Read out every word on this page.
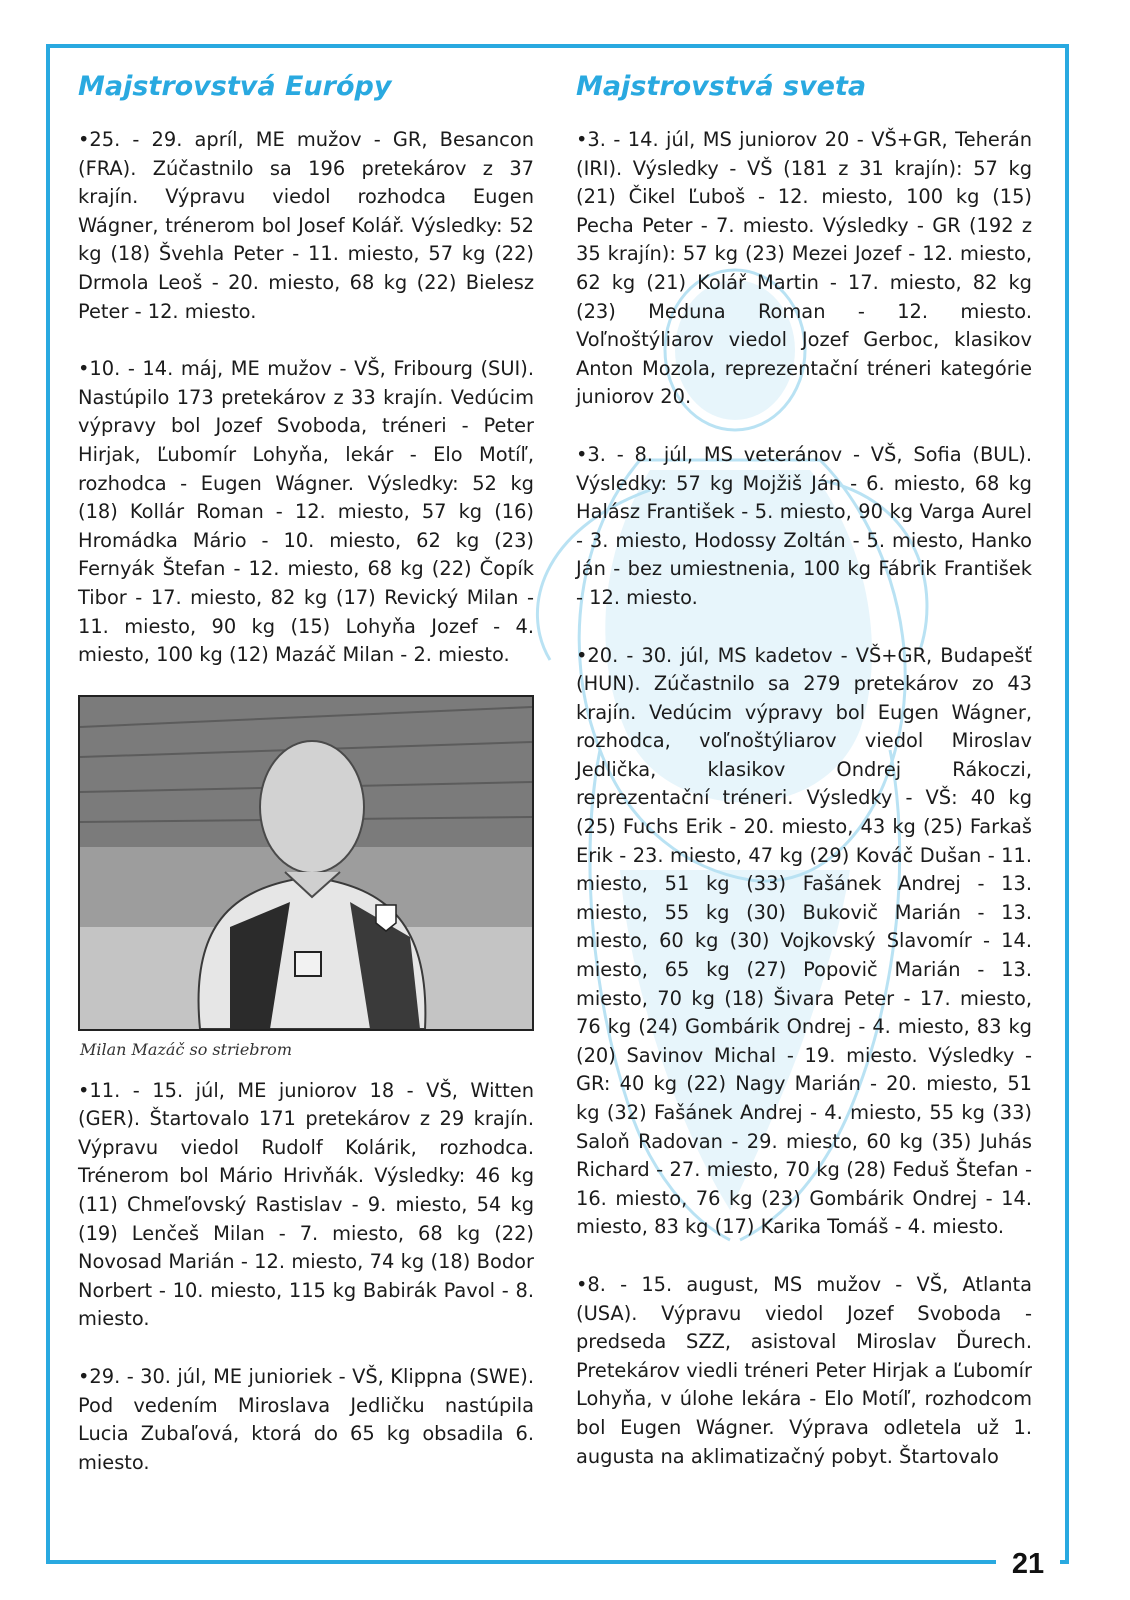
Majstrovstvá Európy

•25. - 29. apríl, ME mužov - GR, Besancon (FRA). Zúčastnilo sa 196 pretekárov z 37 krajín. Výpravu viedol rozhodca Eugen Wágner, trénerom bol Josef Kolář. Výsledky: 52 kg (18) Švehla Peter - 11. miesto, 57 kg (22) Drmola Leoš - 20. miesto, 68 kg (22) Bielesz Peter - 12. miesto.

•10. - 14. máj, ME mužov - VŠ, Fribourg (SUI). Nastúpilo 173 pretekárov z 33 krajín. Vedúcim výpravy bol Jozef Svoboda, tréneri - Peter Hirjak, Ľubomír Lohyňa, lekár - Elo Motíľ, rozhodca - Eugen Wágner. Výsledky: 52 kg (18) Kollár Roman - 12. miesto, 57 kg (16) Hromádka Mário - 10. miesto, 62 kg (23) Fernyák Štefan - 12. miesto, 68 kg (22) Čopík Tibor - 17. miesto, 82 kg (17) Revický Milan - 11. miesto, 90 kg (15) Lohyňa Jozef - 4. miesto, 100 kg (12) Mazáč Milan - 2. miesto.

Milan Mazáč so striebrom

•11. - 15. júl, ME juniorov 18 - VŠ, Witten (GER). Štartovalo 171 pretekárov z 29 krajín. Výpravu viedol Rudolf Kolárik, rozhodca. Trénerom bol Mário Hrivňák. Výsledky: 46 kg (11) Chmeľovský Rastislav - 9. miesto, 54 kg (19) Lenčeš Milan - 7. miesto, 68 kg (22) Novosad Marián - 12. miesto, 74 kg (18) Bodor Norbert - 10. miesto, 115 kg Babirák Pavol - 8. miesto.

•29. - 30. júl, ME junioriek - VŠ, Klippna (SWE). Pod vedením Miroslava Jedličku nastúpila Lucia Zubaľová, ktorá do 65 kg obsadila 6. miesto.

Majstrovstvá sveta

•3. - 14. júl, MS juniorov 20 - VŠ+GR, Teherán (IRI). Výsledky - VŠ (181 z 31 krajín): 57 kg (21) Čikel Ľuboš - 12. miesto, 100 kg (15) Pecha Peter - 7. miesto. Výsledky - GR (192 z 35 krajín): 57 kg (23) Mezei Jozef - 12. miesto, 62 kg (21) Kolář Martin - 17. miesto, 82 kg (23) Meduna Roman - 12. miesto. Voľnoštýliarov viedol Jozef Gerboc, klasikov Anton Mozola, reprezentační tréneri kategórie juniorov 20.

•3. - 8. júl, MS veteránov - VŠ, Sofia (BUL). Výsledky: 57 kg Mojžiš Ján - 6. miesto, 68 kg Halász František - 5. miesto, 90 kg Varga Aurel - 3. miesto, Hodossy Zoltán - 5. miesto, Hanko Ján - bez umiestnenia, 100 kg Fábrik František - 12. miesto.

•20. - 30. júl, MS kadetov - VŠ+GR, Budapešť (HUN). Zúčastnilo sa 279 pretekárov zo 43 krajín. Vedúcim výpravy bol Eugen Wágner, rozhodca, voľnoštýliarov viedol Miroslav Jedlička, klasikov Ondrej Rákoczi, reprezentační tréneri. Výsledky - VŠ: 40 kg (25) Fuchs Erik - 20. miesto, 43 kg (25) Farkaš Erik - 23. miesto, 47 kg (29) Kováč Dušan - 11. miesto, 51 kg (33) Fašánek Andrej - 13. miesto, 55 kg (30) Bukovič Marián - 13. miesto, 60 kg (30) Vojkovský Slavomír - 14. miesto, 65 kg (27) Popovič Marián - 13. miesto, 70 kg (18) Šivara Peter - 17. miesto, 76 kg (24) Gombárik Ondrej - 4. miesto, 83 kg (20) Savinov Michal - 19. miesto. Výsledky - GR: 40 kg (22) Nagy Marián - 20. miesto, 51 kg (32) Fašánek Andrej - 4. miesto, 55 kg (33) Saloň Radovan - 29. miesto, 60 kg (35) Juhás Richard - 27. miesto, 70 kg (28) Feduš Štefan - 16. miesto, 76 kg (23) Gombárik Ondrej - 14. miesto, 83 kg (17) Karika Tomáš - 4. miesto.

•8. - 15. august, MS mužov - VŠ, Atlanta (USA). Výpravu viedol Jozef Svoboda - predseda SZZ, asistoval Miroslav Ďurech. Pretekárov viedli tréneri Peter Hirjak a Ľubomír Lohyňa, v úlohe lekára - Elo Motíľ, rozhodcom bol Eugen Wágner. Výprava odletela už 1. augusta na aklimatizačný pobyt. Štartovalo

21
